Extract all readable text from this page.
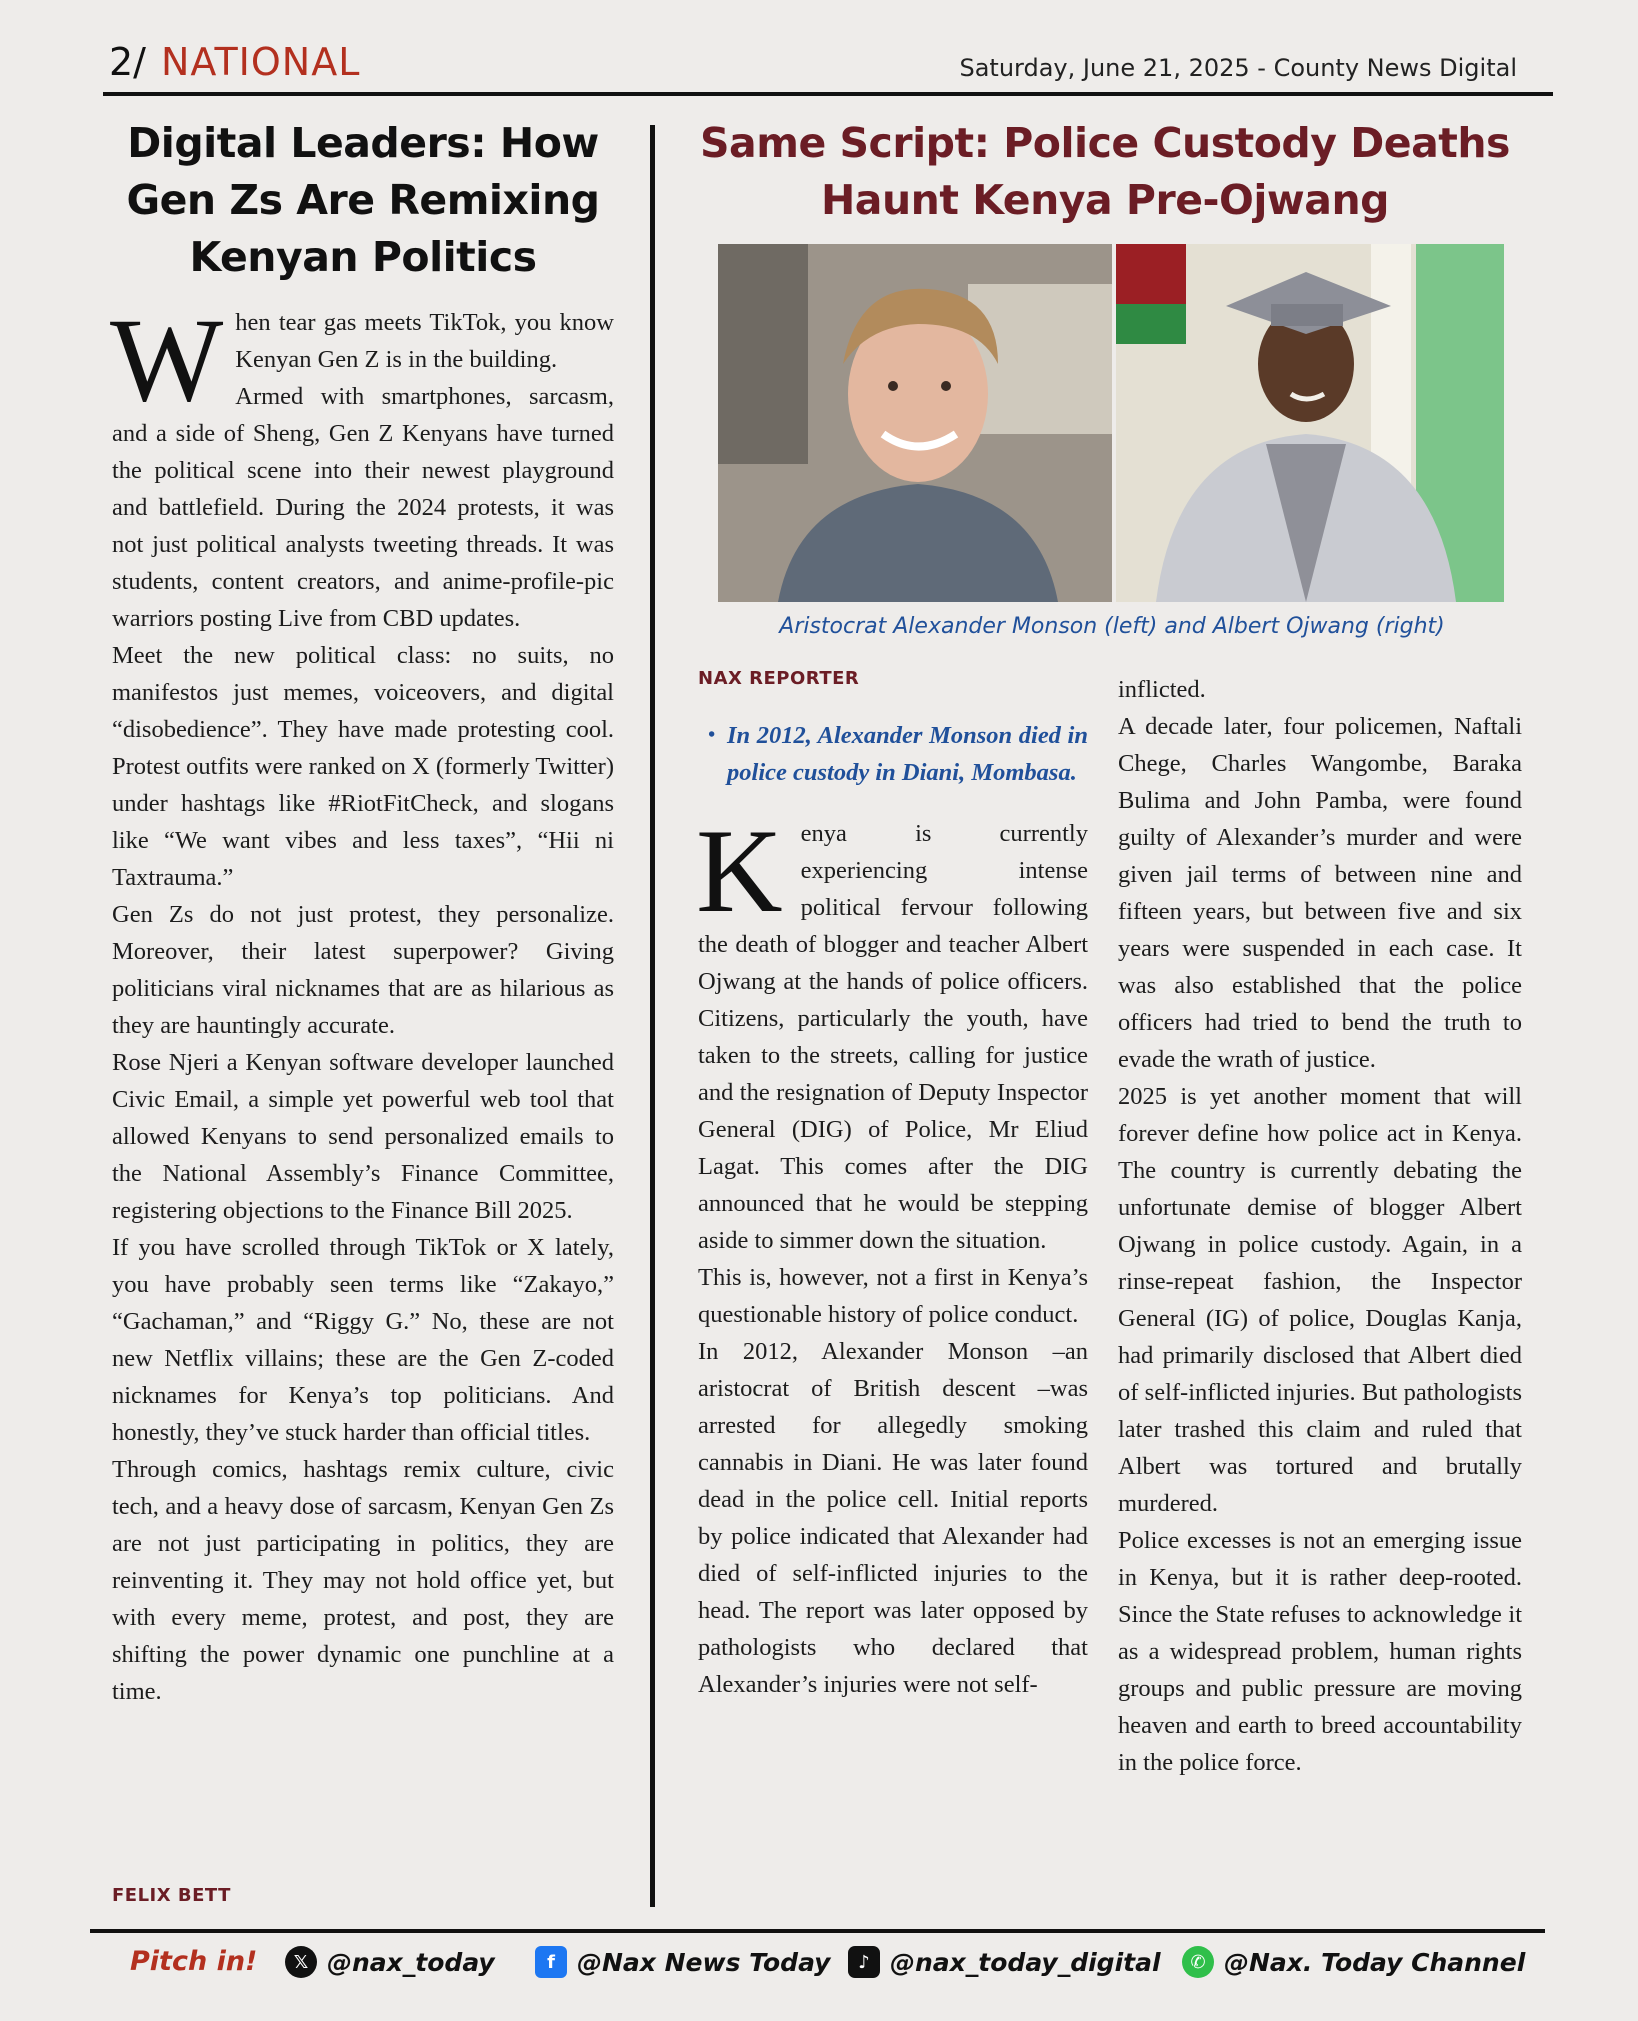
2/ NATIONAL	Saturday, June 21, 2025 - County News Digital
Digital Leaders: How Gen Zs Are Remixing Kenyan Politics

When tear gas meets TikTok, you know Kenyan Gen Z is in the building.

Armed with smartphones, sarcasm, and a side of Sheng, Gen Z Kenyans have turned the political scene into their newest playground and battlefield. During the 2024 protests, it was not just political analysts tweeting threads. It was students, content creators, and anime-profile-pic warriors posting Live from CBD updates.

Meet the new political class: no suits, no manifestos just memes, voiceovers, and digital “disobedience”. They have made protesting cool. Protest outfits were ranked on X (formerly Twitter) under hashtags like #RiotFitCheck, and slogans like “We want vibes and less taxes”, “Hii ni Taxtrauma.”

Gen Zs do not just protest, they personalize. Moreover, their latest superpower? Giving politicians viral nicknames that are as hilarious as they are hauntingly accurate.

Rose Njeri a Kenyan software developer launched Civic Email, a simple yet powerful web tool that allowed Kenyans to send personalized emails to the National Assembly’s Finance Committee, registering objections to the Finance Bill 2025.

If you have scrolled through TikTok or X lately, you have probably seen terms like “Zakayo,” “Gachaman,” and “Riggy G.” No, these are not new Netflix villains; these are the Gen Z-coded nicknames for Kenya’s top politicians. And honestly, they’ve stuck harder than official titles.

Through comics, hashtags remix culture, civic tech, and a heavy dose of sarcasm, Kenyan Gen Zs are not just participating in politics, they are reinventing it. They may not hold office yet, but with every meme, protest, and post, they are shifting the power dynamic one punchline at a time.

FELIX BETT
Same Script: Police Custody Deaths Haunt Kenya Pre-Ojwang
Aristocrat Alexander Monson (left) and Albert Ojwang (right)
NAX REPORTER
• In 2012, Alexander Monson died in police custody in Diani, Mombasa.

Kenya is currently experiencing intense political fervour following the death of blogger and teacher Albert Ojwang at the hands of police officers. Citizens, particularly the youth, have taken to the streets, calling for justice and the resignation of Deputy Inspector General (DIG) of Police, Mr Eliud Lagat. This comes after the DIG announced that he would be stepping aside to simmer down the situation.

This is, however, not a first in Kenya’s questionable history of police conduct.

In 2012, Alexander Monson –an aristocrat of British descent –was arrested for allegedly smoking cannabis in Diani. He was later found dead in the police cell. Initial reports by police indicated that Alexander had died of self-inflicted injuries to the head. The report was later opposed by pathologists who declared that Alexander’s injuries were not self-

inflicted.

A decade later, four policemen, Naftali Chege, Charles Wangombe, Baraka Bulima and John Pamba, were found guilty of Alexander’s murder and were given jail terms of between nine and fifteen years, but between five and six years were suspended in each case. It was also established that the police officers had tried to bend the truth to evade the wrath of justice.

2025 is yet another moment that will forever define how police act in Kenya. The country is currently debating the unfortunate demise of blogger Albert Ojwang in police custody. Again, in a rinse-repeat fashion, the Inspector General (IG) of police, Douglas Kanja, had primarily disclosed that Albert died of self-inflicted injuries. But pathologists later trashed this claim and ruled that Albert was tortured and brutally murdered.

Police excesses is not an emerging issue in Kenya, but it is rather deep-rooted. Since the State refuses to acknowledge it as a widespread problem, human rights groups and public pressure are moving heaven and earth to breed accountability in the police force.

Pitch in!	𝕏 @nax_today	f @Nax News Today	♪ @nax_today_digital	✆ @Nax. Today Channel
